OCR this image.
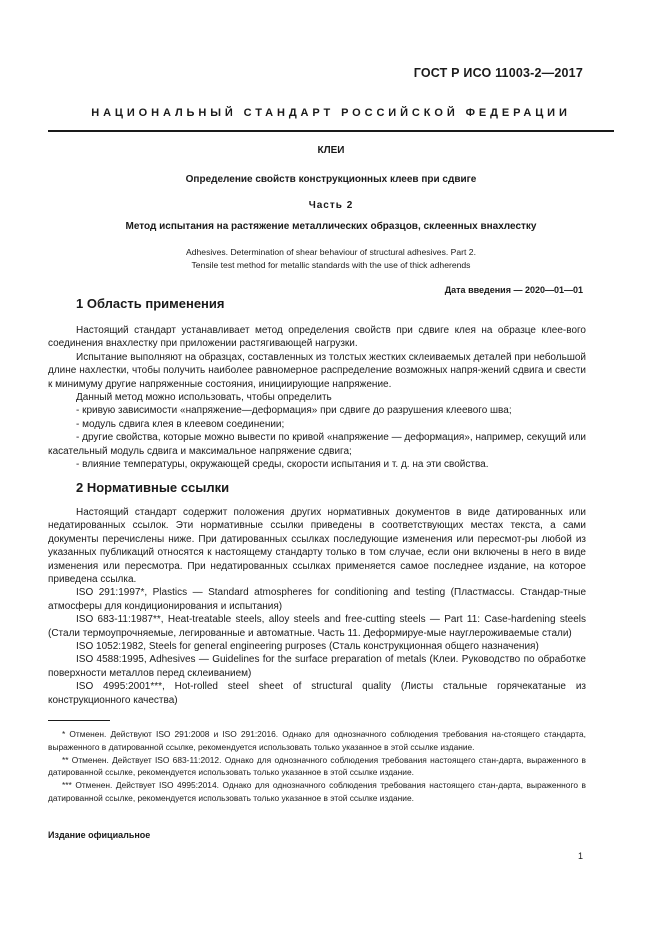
ГОСТ Р ИСО 11003-2—2017
НАЦИОНАЛЬНЫЙ СТАНДАРТ РОССИЙСКОЙ ФЕДЕРАЦИИ
КЛЕИ
Определение свойств конструкционных клеев при сдвиге
Часть 2
Метод испытания на растяжение металлических образцов, склеенных внахлестку
Adhesives. Determination of shear behaviour of structural adhesives. Part 2.
Tensile test method for metallic standards with the use of thick adherends
Дата введения — 2020—01—01
1 Область применения
Настоящий стандарт устанавливает метод определения свойств при сдвиге клея на образце клее-вого соединения внахлестку при приложении растягивающей нагрузки.
Испытание выполняют на образцах, составленных из толстых жестких склеиваемых деталей при небольшой длине нахлестки, чтобы получить наиболее равномерное распределение возможных напря-жений сдвига и свести к минимуму другие напряженные состояния, инициирующие напряжение.
Данный метод можно использовать, чтобы определить
- кривую зависимости «напряжение—деформация» при сдвиге до разрушения клеевого шва;
- модуль сдвига клея в клеевом соединении;
- другие свойства, которые можно вывести по кривой «напряжение — деформация», например, секущий или касательный модуль сдвига и максимальное напряжение сдвига;
- влияние температуры, окружающей среды, скорости испытания и т. д. на эти свойства.
2 Нормативные ссылки
Настоящий стандарт содержит положения других нормативных документов в виде датированных или недатированных ссылок. Эти нормативные ссылки приведены в соответствующих местах текста, а сами документы перечислены ниже. При датированных ссылках последующие изменения или пересмот-ры любой из указанных публикаций относятся к настоящему стандарту только в том случае, если они включены в него в виде изменения или пересмотра. При недатированных ссылках применяется самое последнее издание, на которое приведена ссылка.
ISO 291:1997*, Plastics — Standard atmospheres for conditioning and testing (Пластмассы. Стандар-тные атмосферы для кондиционирования и испытания)
ISO 683-11:1987**, Heat-treatable steels, alloy steels and free-cutting steels — Part 11: Case-hardening steels (Стали термоупрочняемые, легированные и автоматные. Часть 11. Деформируе-мые науглероживаемые стали)
ISO 1052:1982, Steels for general engineering purposes (Сталь конструкционная общего назначения)
ISO 4588:1995, Adhesives — Guidelines for the surface preparation of metals (Клеи. Руководство по обработке поверхности металлов перед склеиванием)
ISO 4995:2001***, Hot-rolled steel sheet of structural quality (Листы стальные горячекатаные из конструкционного качества)
* Отменен. Действуют ISO 291:2008 и ISO 291:2016. Однако для однозначного соблюдения требования на-стоящего стандарта, выраженного в датированной ссылке, рекомендуется использовать только указанное в этой ссылке издание.
** Отменен. Действует ISO 683-11:2012. Однако для однозначного соблюдения требования настоящего стан-дарта, выраженного в датированной ссылке, рекомендуется использовать только указанное в этой ссылке издание.
*** Отменен. Действует ISO 4995:2014. Однако для однозначного соблюдения требования настоящего стан-дарта, выраженного в датированной ссылке, рекомендуется использовать только указанное в этой ссылке издание.
Издание официальное
1
